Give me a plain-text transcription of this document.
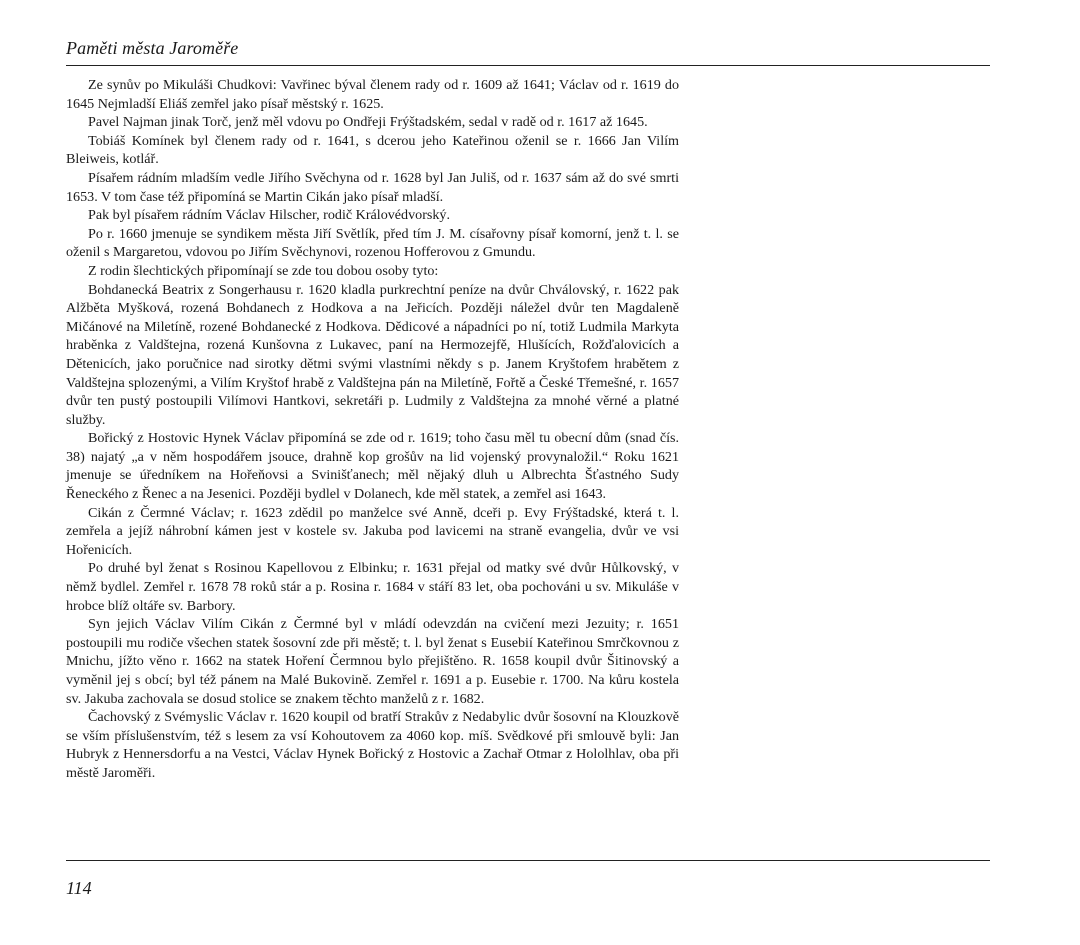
Paměti města Jaroměře

Ze synův po Mikuláši Chudkovi: Vavřinec býval členem rady od r. 1609 až 1641; Václav od r. 1619 do 1645 Nejmladší Eliáš zemřel jako písař městský r. 1625.

Pavel Najman jinak Torč, jenž měl vdovu po Ondřeji Frýštadském, sedal v radě od r. 1617 až 1645.

Tobiáš Komínek byl členem rady od r. 1641, s dcerou jeho Kateřinou oženil se r. 1666 Jan Vilím Bleiweis, kotlář.

Písařem rádním mladším vedle Jiřího Svěchyna od r. 1628 byl Jan Juliš, od r. 1637 sám až do své smrti 1653. V tom čase též připomíná se Martin Cikán jako písař mladší.

Pak byl písařem rádním Václav Hilscher, rodič Královédvorský.

Po r. 1660 jmenuje se syndikem města Jiří Světlík, před tím J. M. císařovny písař komorní, jenž t. l. se oženil s Margaretou, vdovou po Jiřím Svěchynovi, rozenou Hofferovou z Gmundu.

Z rodin šlechtických připomínají se zde tou dobou osoby tyto:

Bohdanecká Beatrix z Songerhausu r. 1620 kladla purkrechtní peníze na dvůr Chválovský, r. 1622 pak Alžběta Myšková, rozená Bohdanech z Hodkova a na Jeřicích. Později náležel dvůr ten Magdaleně Mičánové na Miletíně, rozené Bohdanecké z Hodkova. Dědicové a nápadníci po ní, totiž Ludmila Markyta hraběnka z Valdštejna, rozená Kunšovna z Lukavec, paní na Hermozejfě, Hlušících, Rožďalovicích a Dětenicích, jako poručnice nad sirotky dětmi svými vlastními někdy s p. Janem Kryštofem hrabětem z Valdštejna splozenými, a Vilím Kryštof hrabě z Valdštejna pán na Miletíně, Fořtě a České Třemešné, r. 1657 dvůr ten pustý postoupili Vilímovi Hantkovi, sekretáři p. Ludmily z Valdštejna za mnohé věrné a platné služby.

Bořický z Hostovic Hynek Václav připomíná se zde od r. 1619; toho času měl tu obecní dům (snad čís. 38) najatý „a v něm hospodářem jsouce, drahně kop grošův na lid vojenský provynaložil.“ Roku 1621 jmenuje se úředníkem na Hořeňovsi a Svinišťanech; měl nějaký dluh u Albrechta Šťastného Sudy Řeneckého z Řenec a na Jesenici. Později bydlel v Dolanech, kde měl statek, a zemřel asi 1643.

Cikán z Čermné Václav; r. 1623 zdědil po manželce své Anně, dceři p. Evy Frýštadské, která t. l. zemřela a jejíž náhrobní kámen jest v kostele sv. Jakuba pod lavicemi na straně evangelia, dvůr ve vsi Hořenicích.

Po druhé byl ženat s Rosinou Kapellovou z Elbinku; r. 1631 přejal od matky své dvůr Hůlkovský, v němž bydlel. Zemřel r. 1678 78 roků stár a p. Rosina r. 1684 v stáří 83 let, oba pochováni u sv. Mikuláše v hrobce blíž oltáře sv. Barbory.

Syn jejich Václav Vilím Cikán z Čermné byl v mládí odevzdán na cvičení mezi Jezuity; r. 1651 postoupili mu rodiče všechen statek šosovní zde při městě; t. l. byl ženat s Eusebií Kateřinou Smrčkovnou z Mnichu, jížto věno r. 1662 na statek Hoření Čermnou bylo přejištěno. R. 1658 koupil dvůr Šitinovský a vyměnil jej s obcí; byl též pánem na Malé Bukovině. Zemřel r. 1691 a p. Eusebie r. 1700. Na kůru kostela sv. Jakuba zachovala se dosud stolice se znakem těchto manželů z r. 1682.

Čachovský z Svémyslic Václav r. 1620 koupil od bratří Strakův z Nedabylic dvůr šosovní na Klouzkově se vším příslušenstvím, též s lesem za vsí Kohoutovem za 4060 kop. míš. Svědkové při smlouvě byli: Jan Hubryk z Hennersdorfu a na Vestci, Václav Hynek Bořický z Hostovic a Zachař Otmar z Hololhlav, oba při městě Jaroměři.

114
